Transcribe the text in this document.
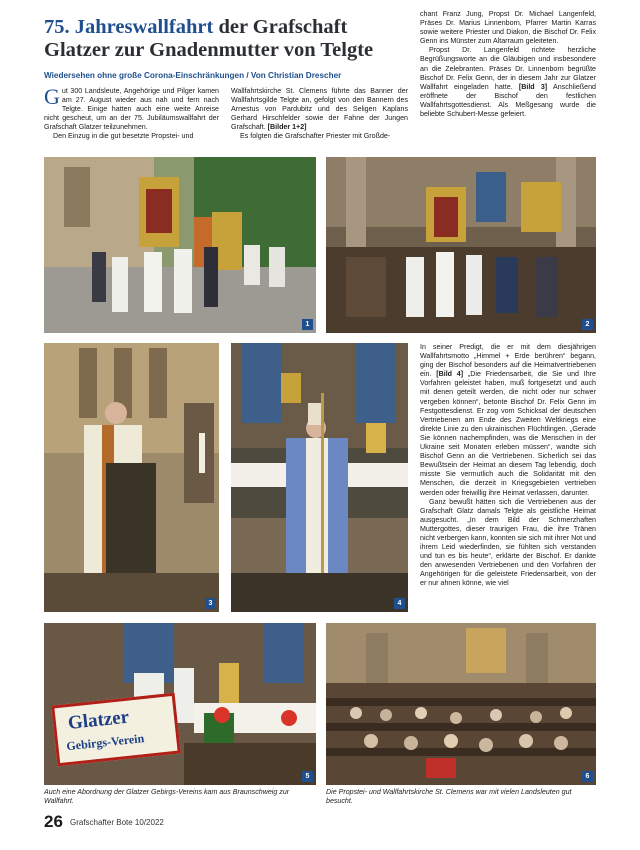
75. Jahreswallfahrt der Grafschaft Glatzer zur Gnadenmutter von Telgte
Wiedersehen ohne große Corona-Einschränkungen / Von Christian Drescher

Gut 300 Landsleute, Angehörige und Pilger kamen am 27. August wieder aus nah und fern nach Telgte. Einige hatten auch eine weite Anreise nicht gescheut, um an der 75. Jubiläumswallfahrt der Grafschaft Glatzer teilzunehmen.

Den Einzug in die gut besetzte Propstei- und

Wallfahrtskirche St. Clemens führte das Banner der Wallfahrtsgilde Telgte an, gefolgt von den Bannern des Arnestus von Pardubitz und des Seligen Kaplans Gerhard Hirschfelder sowie der Fahne der Jungen Grafschaft. [Bilder 1+2]

Es folgten die Grafschafter Priester mit Großde-

chant Franz Jung, Propst Dr. Michael Langenfeld, Präses Dr. Marius Linnenborn, Pfarrer Martin Karras sowie weitere Priester und Diakon, die Bischof Dr. Felix Genn ins Münster zum Altarraum geleiteten.

Propst Dr. Langenfeld richtete herzliche Begrüßungsworte an die Gläubigen und insbesondere an die Zelebranten. Präses Dr. Linnenborn begrüßte Bischof Dr. Felix Genn, der in diesem Jahr zur Glatzer Wallfahrt eingeladen hatte. [Bild 3] Anschließend eröffnete der Bischof den festlichen Wallfahrtsgottesdienst. Als Meßgesang wurde die beliebte Schubert-Messe gefeiert.

1	2
3	4

In seiner Predigt, die er mit dem diesjährigen Wallfahrtsmotto „Himmel + Erde berühren“ begann, ging der Bischof besonders auf die Heimatvertriebenen ein. [Bild 4] „Die Friedensarbeit, die Sie und Ihre Vorfahren geleistet haben, muß fortgesetzt und auch mit denen geteilt werden, die nicht oder nur schwer vergeben können“, betonte Bischof Dr. Felix Genn im Festgottesdienst. Er zog vom Schicksal der deutschen Vertriebenen am Ende des Zweiten Weltkriegs eine direkte Linie zu den ukrainischen Flüchtlingen. „Gerade Sie können nachempfinden, was die Menschen in der Ukraine seit Monaten erleben müssen“, wandte sich Bischof Genn an die Vertriebenen. Sicherlich sei das Bewußtsein der Heimat an diesem Tag lebendig, doch misste Sie vermutlich auch die Solidarität mit den Menschen, die derzeit in Kriegsgebieten vertrieben werden oder freiwillig ihre Heimat verlassen, darunter.

Ganz bewußt hätten sich die Vertriebenen aus der Grafschaft Glatz damals Telgte als geistliche Heimat ausgesucht. „In dem Bild der Schmerzhaften Muttergottes, dieser traurigen Frau, die ihre Tränen nicht verbergen kann, konnten sie sich mit ihrer Not und ihrem Leid wiederfinden, sie fühlten sich verstanden und tun es bis heute“, erklärte der Bischof. Er dankte den anwesenden Vertriebenen und den Vorfahren der Angehörigen für die geleistete Friedensarbeit, von der er nur ahnen könne, wie viel

Glatzer
Gebirgs-Verein
5	6
Auch eine Abordnung der Glatzer Gebirgs-Vereins kam aus Braunschweig zur Wallfahrt.
Die Propstei- und Wallfahrtskirche St. Clemens war mit vielen Landsleuten gut besucht.
26 Grafschafter Bote 10/2022
